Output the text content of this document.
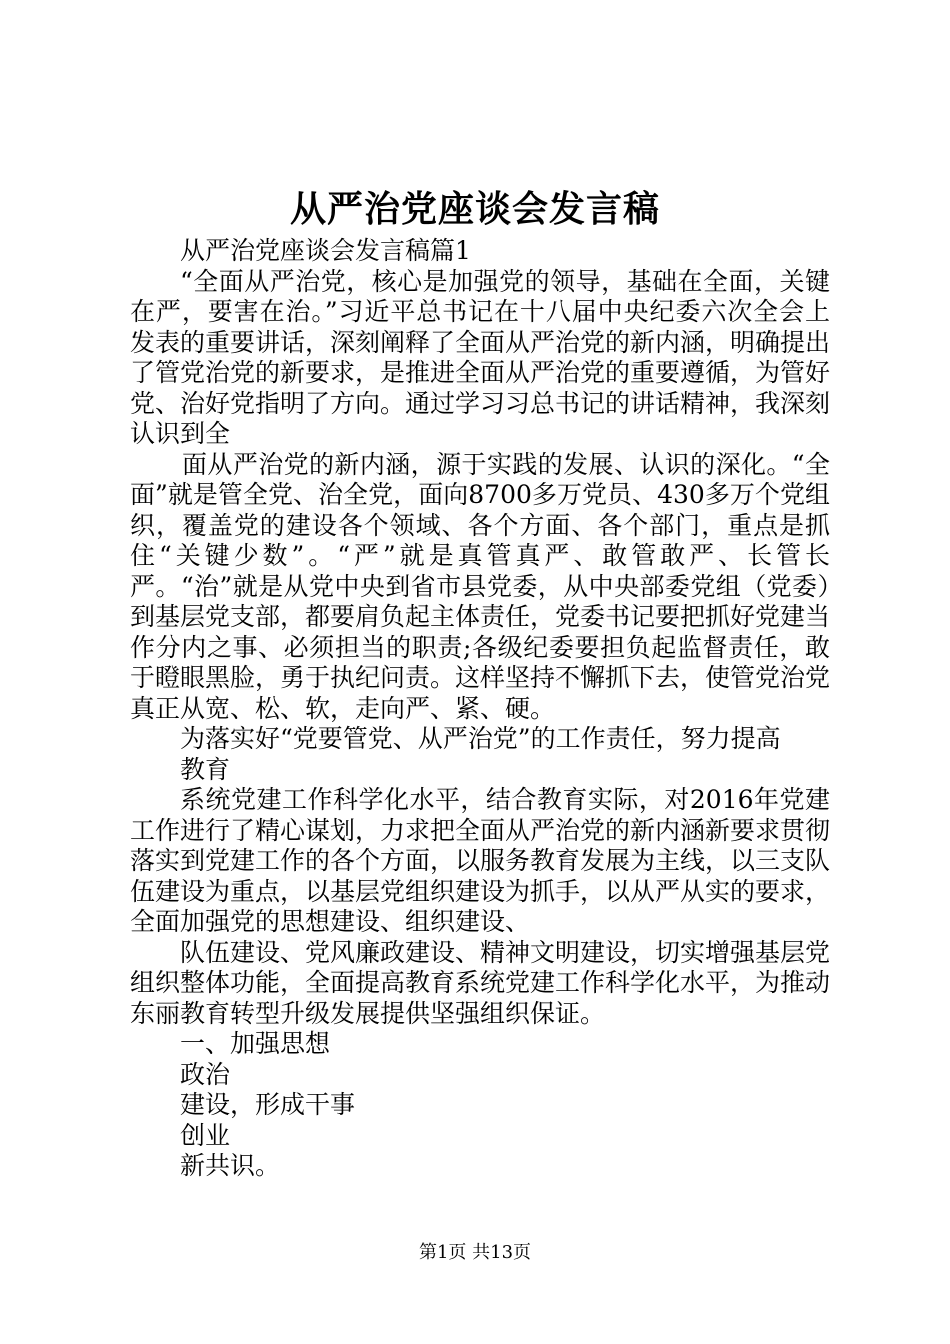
从严治党座谈会发言稿

从严治党座谈会发言稿篇1

“全面从严治党，核心是加强党的领导，基础在全面，关键在严，要害在治。”习近平总书记在十八届中央纪委六次全会上发表的重要讲话，深刻阐释了全面从严治党的新内涵，明确提出了管党治党的新要求，是推进全面从严治党的重要遵循，为管好党、治好党指明了方向。通过学习习总书记的讲话精神，我深刻认识到全

面从严治党的新内涵，源于实践的发展、认识的深化。“全面”就是管全党、治全党，面向8700多万党员、430多万个党组织，覆盖党的建设各个领域、各个方面、各个部门，重点是抓住“关键少数”。“严”就是真管真严、敢管敢严、长管长严。“治”就是从党中央到省市县党委，从中央部委党组（党委）到基层党支部，都要肩负起主体责任，党委书记要把抓好党建当作分内之事、必须担当的职责;各级纪委要担负起监督责任，敢于瞪眼黑脸，勇于执纪问责。这样坚持不懈抓下去，使管党治党真正从宽、松、软，走向严、紧、硬。

为落实好“党要管党、从严治党”的工作责任，努力提高

教育

系统党建工作科学化水平，结合教育实际，对2016年党建工作进行了精心谋划，力求把全面从严治党的新内涵新要求贯彻落实到党建工作的各个方面，以服务教育发展为主线，以三支队伍建设为重点，以基层党组织建设为抓手，以从严从实的要求，全面加强党的思想建设、组织建设、

队伍建设、党风廉政建设、精神文明建设，切实增强基层党组织整体功能，全面提高教育系统党建工作科学化水平，为推动东丽教育转型升级发展提供坚强组织保证。

一、加强思想

政治

建设，形成干事

创业

新共识。

第1页 共13页
